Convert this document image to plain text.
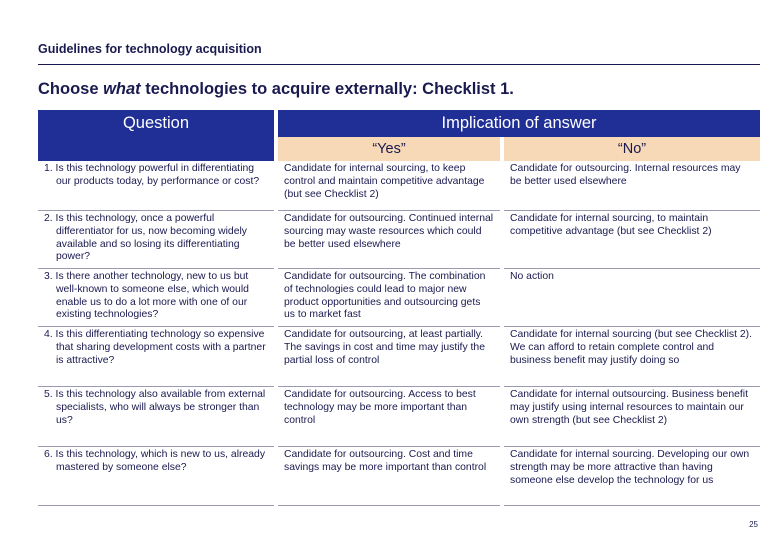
Guidelines for technology acquisition
Choose what technologies to acquire externally: Checklist 1.
Question	Implication of answer	
	“Yes”	“No”
1. Is this technology powerful in differentiating our products today, by performance or cost?	Candidate for internal sourcing, to keep control and maintain competitive advantage (but see Checklist 2)	Candidate for outsourcing. Internal resources may be better used elsewhere
2. Is this technology, once a powerful differentiator for us, now becoming widely available and so losing its differentiating power?	Candidate for outsourcing. Continued internal sourcing may waste resources which could be better used elsewhere	Candidate for internal sourcing, to maintain competitive advantage (but see Checklist 2)
3. Is there another technology, new to us but well-known to someone else, which would enable us to do a lot more with one of our existing technologies?	Candidate for outsourcing. The combination of technologies could lead to major new product opportunities and outsourcing gets us to market fast	No action
4. Is this differentiating technology so expensive that sharing development costs with a partner is attractive?	Candidate for outsourcing, at least partially. The savings in cost and time may justify the partial loss of control	Candidate for internal sourcing (but see Checklist 2). We can afford to retain complete control and business benefit may justify doing so
5. Is this technology also available from external specialists, who will always be stronger than us?	Candidate for outsourcing. Access to best technology may be more important than control	Candidate for internal outsourcing. Business benefit may justify using internal resources to maintain our own strength (but see Checklist 2)
6. Is this technology, which is new to us, already mastered by someone else?	Candidate for outsourcing. Cost and time savings may be more important than control	Candidate for internal sourcing. Developing our own strength may be more attractive than having someone else develop the technology for us
25
